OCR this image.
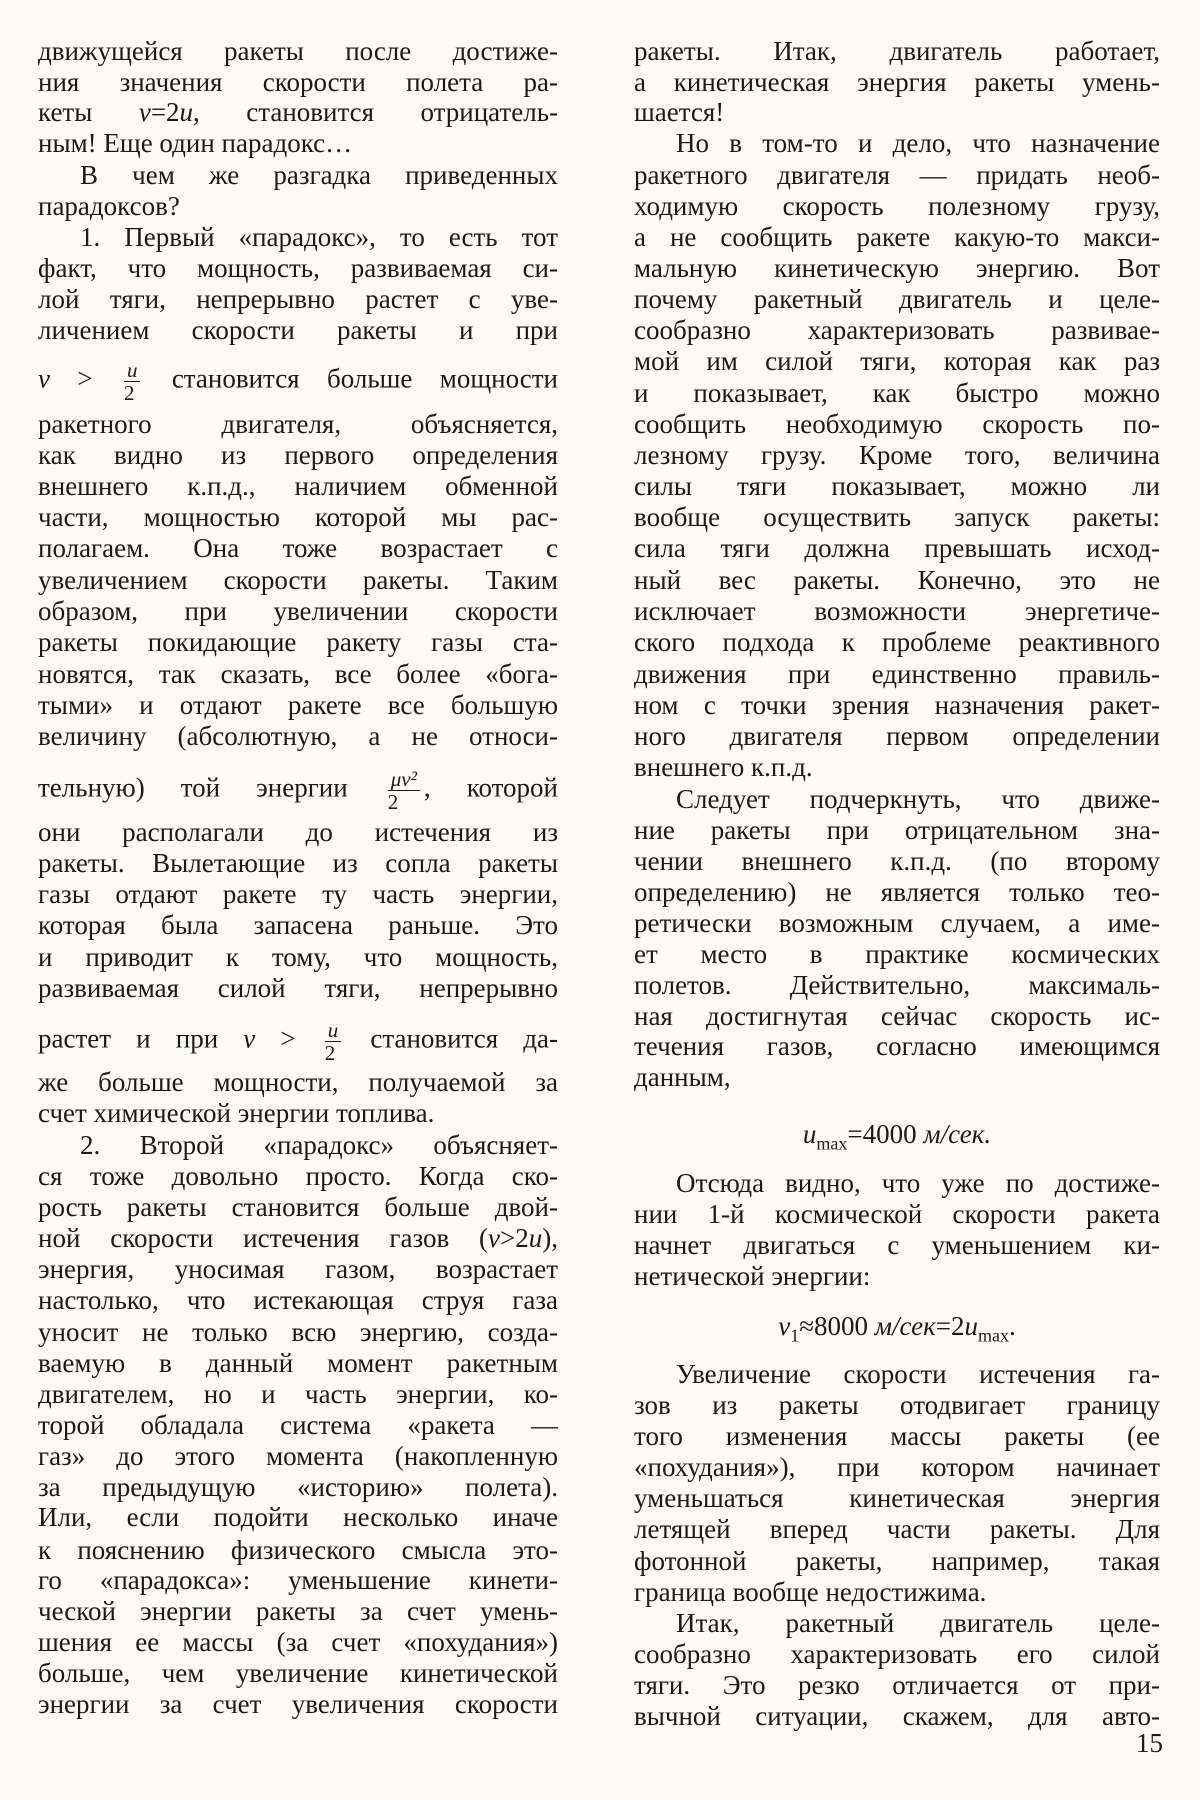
движущейся ракеты после достиже-
ния значения скорости полета ра-
кеты v=2u, становится отрицатель-
ным! Еще один парадокс…
В чем же разгадка приведенных
парадоксов?
1. Первый «парадокс», то есть тот
факт, что мощность, развиваемая си-
лой тяги, непрерывно растет с уве-
личением скорости ракеты и при
$v > \frac{u}{2}$ становится больше мощности
ракетного двигателя, объясняется,
как видно из первого определения
внешнего к.п.д., наличием обменной
части, мощностью которой мы рас-
полагаем. Она тоже возрастает с
увеличением скорости ракеты. Таким
образом, при увеличении скорости
ракеты покидающие ракету газы ста-
новятся, так сказать, все более «бога-
тыми» и отдают ракете все большую
величину (абсолютную, а не относи-
тельную) той энергии $\frac{\text{μv²}}{2}$ , которой
они располагали до истечения из
ракеты. Вылетающие из сопла ракеты
газы отдают ракете ту часть энергии,
которая была запасена раньше. Это
и приводит к тому, что мощность,
развиваемая силой тяги, непрерывно
растет и при $v > \frac{u}{2}$ становится да-
же больше мощности, получаемой за
счет химической энергии топлива.
2. Второй «парадокс» объясняет-
ся тоже довольно просто. Когда ско-
рость ракеты становится больше двой-
ной скорости истечения газов (v>2u),
энергия, уносимая газом, возрастает
настолько, что истекающая струя газа
уносит не только всю энергию, созда-
ваемую в данный момент ракетным
двигателем, но и часть энергии, ко-
торой обладала система «ракета —
газ» до этого момента (накопленную
за предыдущую «историю» полета).
Или, если подойти несколько иначе
к пояснению физического смысла это-
го «парадокса»: уменьшение кинети-
ческой энергии ракеты за счет умень-
шения ее массы (за счет «похудания»)
больше, чем увеличение кинетической
энергии за счет увеличения скорости
ракеты. Итак, двигатель работает,
а кинетическая энергия ракеты умень-
шается!
Но в том-то и дело, что назначение
ракетного двигателя — придать необ-
ходимую скорость полезному грузу,
а не сообщить ракете какую-то макси-
мальную кинетическую энергию. Вот
почему ракетный двигатель и целе-
сообразно характеризовать развивае-
мой им силой тяги, которая как раз
и показывает, как быстро можно
сообщить необходимую скорость по-
лезному грузу. Кроме того, величина
силы тяги показывает, можно ли
вообще осуществить запуск ракеты:
сила тяги должна превышать исход-
ный вес ракеты. Конечно, это не
исключает возможности энергетиче-
ского подхода к проблеме реактивного
движения при единственно правиль-
ном с точки зрения назначения ракет-
ного двигателя первом определении
внешнего к.п.д.
Следует подчеркнуть, что движе-
ние ракеты при отрицательном зна-
чении внешнего к.п.д. (по второму
определению) не является только тео-
ретически возможным случаем, а име-
ет место в практике космических
полетов. Действительно, максималь-
ная достигнутая сейчас скорость ис-
течения газов, согласно имеющимся
данным,
$u_{max}=4000$ м/сек.
Отсюда видно, что уже по достиже-
нии 1-й космической скорости ракета
начнет двигаться с уменьшением ки-
нетической энергии:
$v_1\approx 8000$ $м/сек=2u_{max}$.
Увеличение скорости истечения га-
зов из ракеты отодвигает границу
того изменения массы ракеты (ее
«похудания»), при котором начинает
уменьшаться кинетическая энергия
летящей вперед части ракеты. Для
фотонной ракеты, например, такая
граница вообще недостижима.
Итак, ракетный двигатель целе-
сообразно характеризовать его силой
тяги. Это резко отличается от при-
вычной ситуации, скажем, для авто-
15
